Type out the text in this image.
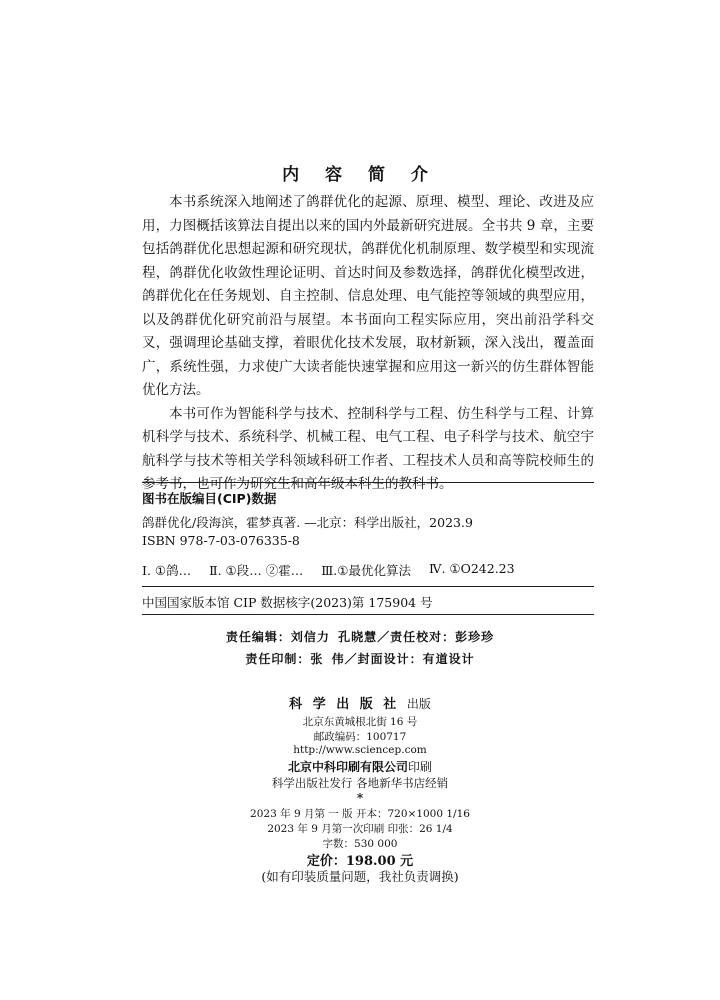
内 容 简 介

本书系统深入地阐述了鸽群优化的起源、原理、模型、理论、改进及应用，力图概括该算法自提出以来的国内外最新研究进展。全书共 9 章，主要包括鸽群优化思想起源和研究现状，鸽群优化机制原理、数学模型和实现流程，鸽群优化收敛性理论证明、首达时间及参数选择，鸽群优化模型改进，鸽群优化在任务规划、自主控制、信息处理、电气能控等领域的典型应用，以及鸽群优化研究前沿与展望。本书面向工程实际应用，突出前沿学科交叉，强调理论基础支撑，着眼优化技术发展，取材新颖，深入浅出，覆盖面广，系统性强，力求使广大读者能快速掌握和应用这一新兴的仿生群体智能优化方法。

本书可作为智能科学与技术、控制科学与工程、仿生科学与工程、计算机科学与技术、系统科学、机械工程、电气工程、电子科学与技术、航空宇航科学与技术等相关学科领域科研工作者、工程技术人员和高等院校师生的参考书，也可作为研究生和高年级本科生的教科书。

图书在版编目(CIP)数据
鸽群优化/段海滨，霍梦真著. —北京：科学出版社，2023.9
ISBN 978-7-03-076335-8
Ⅰ. ①鸽… Ⅱ. ①段… ②霍… Ⅲ.①最优化算法 Ⅳ. ①O242.23
中国国家版本馆 CIP 数据核字(2023)第 175904 号
责任编辑：刘信力 孔晓慧／责任校对：彭珍珍
责任印制：张 伟／封面设计：有道设计
科 学 出 版 社 出版
北京东黄城根北街 16 号
邮政编码：100717
http://www.sciencep.com
北京中科印刷有限公司印刷
科学出版社发行 各地新华书店经销
*
2023 年 9 月第 一 版 开本：720×1000 1/16
2023 年 9 月第一次印刷 印张：26 1/4
字数：530 000
定价：198.00 元
(如有印装质量问题，我社负责调换)
